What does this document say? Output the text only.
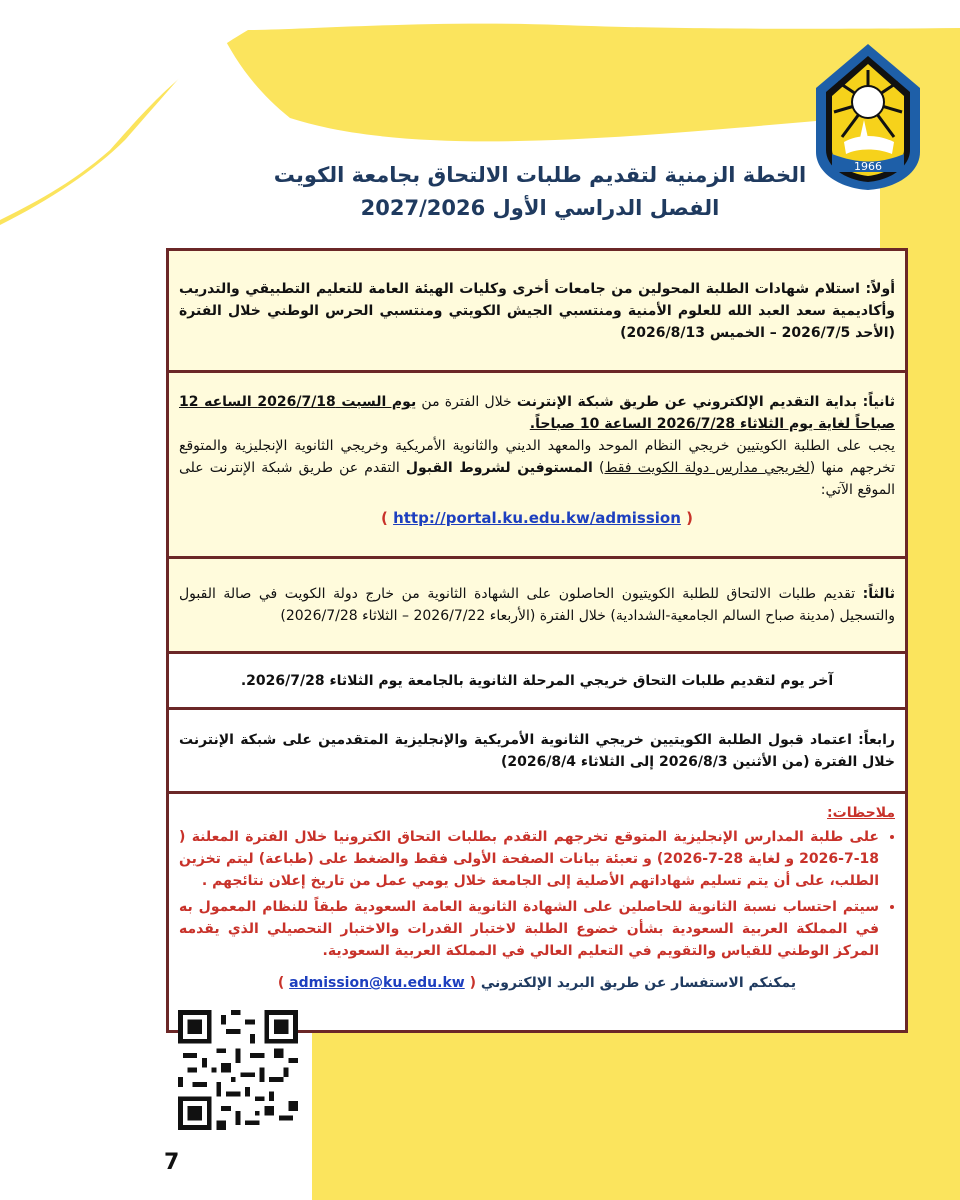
1966
الخطة الزمنية لتقديم طلبات الالتحاق بجامعة الكويت
الفصل الدراسي الأول 2027/2026
أولاً: استلام شهادات الطلبة المحولين من جامعات أخرى وكليات الهيئة العامة للتعليم التطبيقي والتدريب وأكاديمية سعد العبد الله للعلوم الأمنية ومنتسبي الجيش الكويتي ومنتسبي الحرس الوطني خلال الفترة (الأحد 2026/7/5 – الخميس 2026/8/13)
ثانياً: بداية التقديم الإلكتروني عن طريق شبكة الإنترنت خلال الفترة من يوم السبت 2026/7/18 الساعه 12 صباحاً لغاية يوم الثلاثاء 2026/7/28 الساعة 10 صباحاً.
يجب على الطلبة الكويتيين خريجي النظام الموحد والمعهد الديني والثانوية الأمريكية وخريجي الثانوية الإنجليزية والمتوقع تخرجهم منها (لخريجي مدارس دولة الكويت فقط) المستوفين لشروط القبول التقدم عن طريق شبكة الإنترنت على الموقع الآتي:
( http://portal.ku.edu.kw/admission )
ثالثاً: تقديم طلبات الالتحاق للطلبة الكويتيون الحاصلون على الشهادة الثانوية من خارج دولة الكويت في صالة القبول والتسجيل (مدينة صباح السالم الجامعية-الشدادية) خلال الفترة (الأربعاء 2026/7/22 – الثلاثاء 2026/7/28)
آخر يوم لتقديم طلبات التحاق خريجي المرحلة الثانوية بالجامعة يوم الثلاثاء 2026/7/28.
رابعاً: اعتماد قبول الطلبة الكويتيين خريجي الثانوية الأمريكية والإنجليزية المتقدمين على شبكة الإنترنت خلال الفترة (من الأثنين 2026/8/3 إلى الثلاثاء 2026/8/4)
ملاحظات:
• على طلبة المدارس الإنجليزية المتوقع تخرجهم التقدم بطلبات التحاق الكترونيا خلال الفترة المعلنة ( 18-7-2026 و لغاية 28-7-2026) و تعبئة بيانات الصفحة الأولى فقط والضغط على (طباعة) ليتم تخزين الطلب، على أن يتم تسليم شهاداتهم الأصلية إلى الجامعة خلال يومي عمل من تاريخ إعلان نتائجهم .
• سيتم احتساب نسبة الثانوية للحاصلين على الشهادة الثانوية العامة السعودية طبقاً للنظام المعمول به في المملكة العربية السعودية بشأن خضوع الطلبة لاختبار القدرات والاختبار التحصيلي الذي يقدمه المركز الوطني للقياس والتقويم في التعليم العالي في المملكة العربية السعودية.
يمكنكم الاستفسار عن طريق البريد الإلكتروني ( admission@ku.edu.kw )
7
